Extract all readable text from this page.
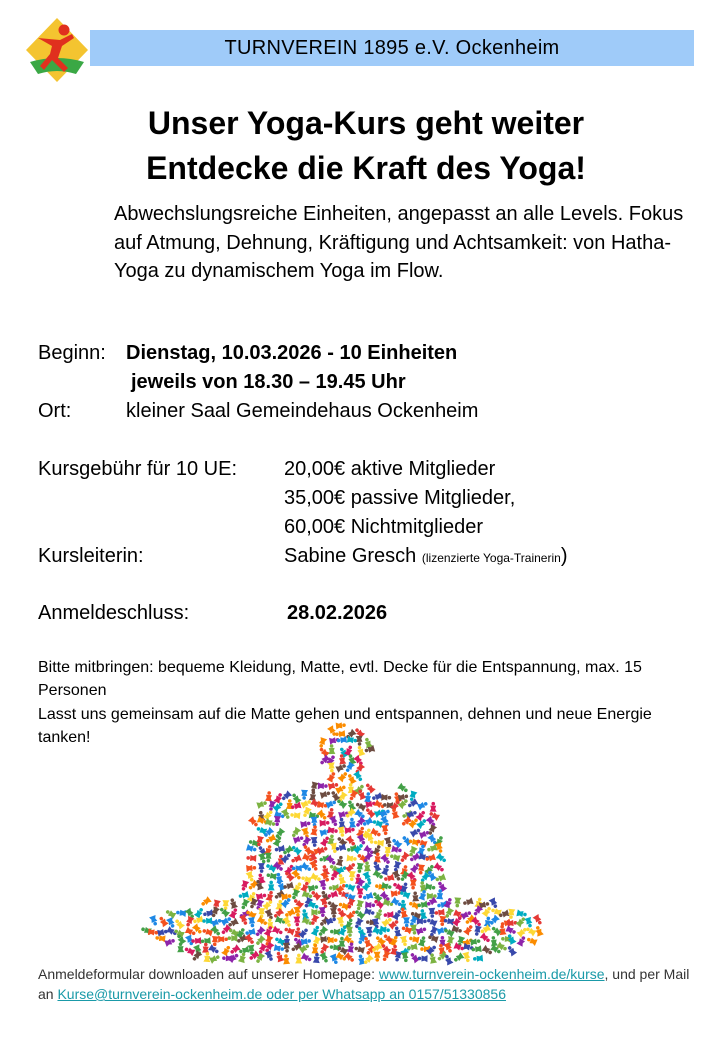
TURNVEREIN 1895 e.V. Ockenheim
Unser Yoga-Kurs geht weiter
Entdecke die Kraft des Yoga!
Abwechslungsreiche Einheiten, angepasst an alle Levels. Fokus auf Atmung, Dehnung, Kräftigung und Achtsamkeit: von Hatha-Yoga zu dynamischem Yoga im Flow.
Beginn: Dienstag, 10.03.2026 - 10 Einheiten
jeweils von 18.30 – 19.45 Uhr
Ort:	kleiner Saal Gemeindehaus Ockenheim
Kursgebühr für 10 UE: 20,00€ aktive Mitglieder
35,00€ passive Mitglieder,
60,00€ Nichtmitglieder
Kursleiterin:	Sabine Gresch (lizenzierte Yoga-Trainerin)
Anmeldeschluss:	28.02.2026
Bitte mitbringen: bequeme Kleidung, Matte, evtl. Decke für die Entspannung, max. 15 Personen
Lasst uns gemeinsam auf die Matte gehen und entspannen, dehnen und neue Energie tanken!
Anmeldeformular downloaden auf unserer Homepage: www.turnverein-ockenheim.de/kurse, und per Mail an Kurse@turnverein-ockenheim.de oder per Whatsapp an 0157/51330856
